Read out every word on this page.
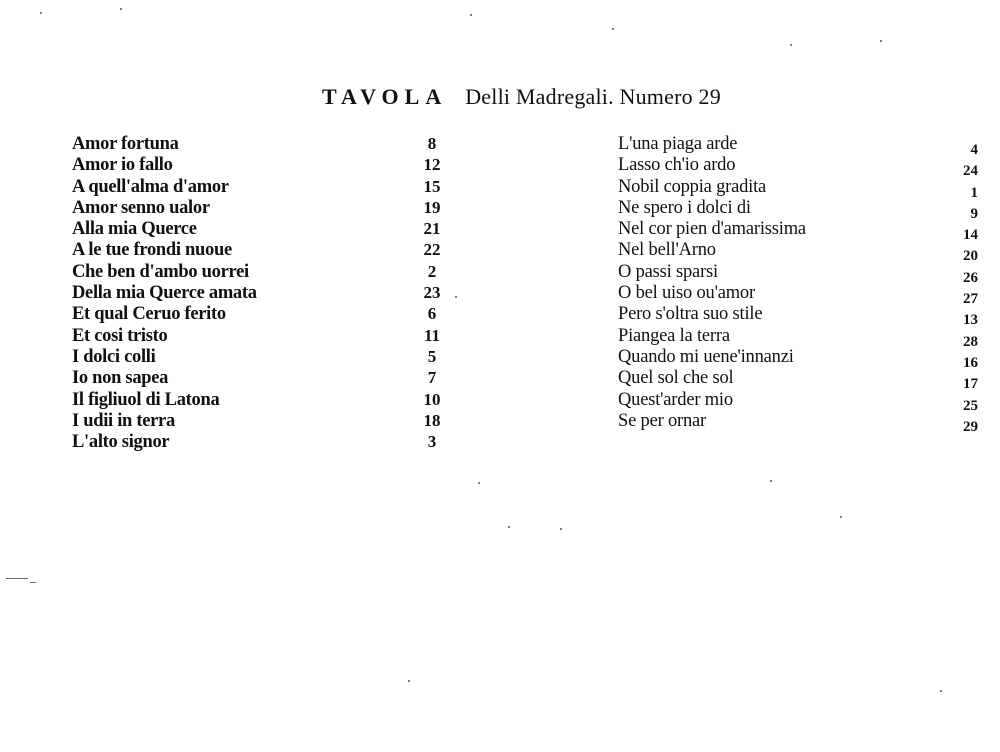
TAVOLA Delli Madregali. Numero 29
Amor fortuna	8
Amor io fallo	12
A quell'alma d'amor	15
Amor senno ualor	19
Alla mia Querce	21
A le tue frondi nuoue	22
Che ben d'ambo uorrei	2
Della mia Querce amata	23
Et qual Ceruo ferito	6
Et cosi tristo	11
I dolci colli	5
Io non sapea	7
Il figliuol di Latona	10
I udii in terra	18
L'alto signor	3
L'una piaga arde	4
Lasso ch'io ardo	24
Nobil coppia gradita	1
Ne spero i dolci di	9
Nel cor pien d'amarissima	14
Nel bell'Arno	20
O passi sparsi	26
O bel uiso ou'amor	27
Pero s'oltra suo stile	13
Piangea la terra	28
Quando mi uene'innanzi	16
Quel sol che sol	17
Quest'arder mio	25
Se per ornar	29
